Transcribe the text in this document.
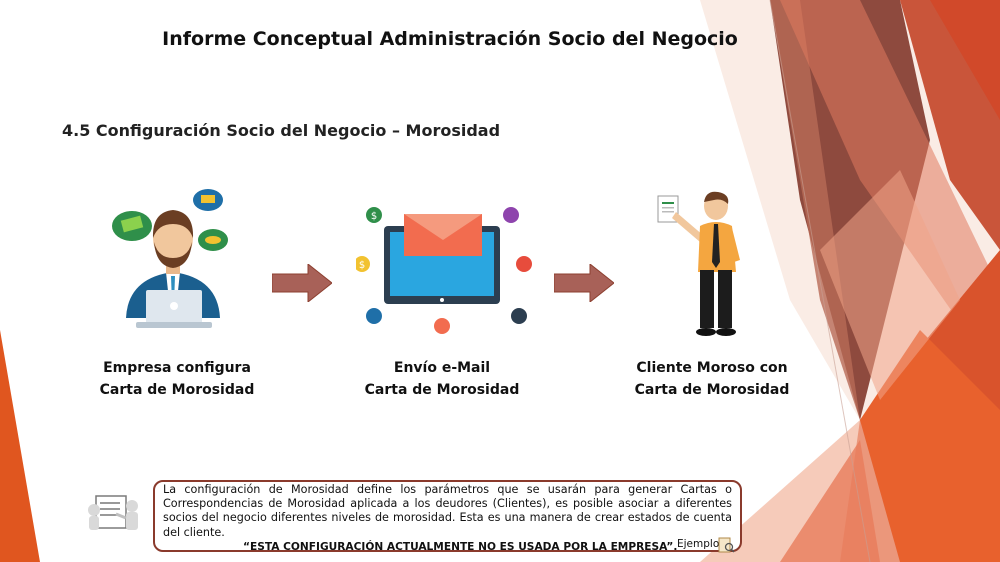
Informe Conceptual Administración Socio del Negocio
4.5 Configuración Socio del Negocio – Morosidad
$
$
Empresa configura
Carta de Morosidad
Envío e-Mail
Carta de Morosidad
Cliente Moroso con
Carta de Morosidad
La configuración de Morosidad define los parámetros que se usarán para generar Cartas o Correspondencias de Morosidad aplicada a los deudores (Clientes), es posible asociar a diferentes socios del negocio diferentes niveles de morosidad. Esta es una manera de crear estados de cuenta del cliente.
“ESTA CONFIGURACIÓN ACTUALMENTE NO ES USADA POR LA EMPRESA”. Ejemplo
